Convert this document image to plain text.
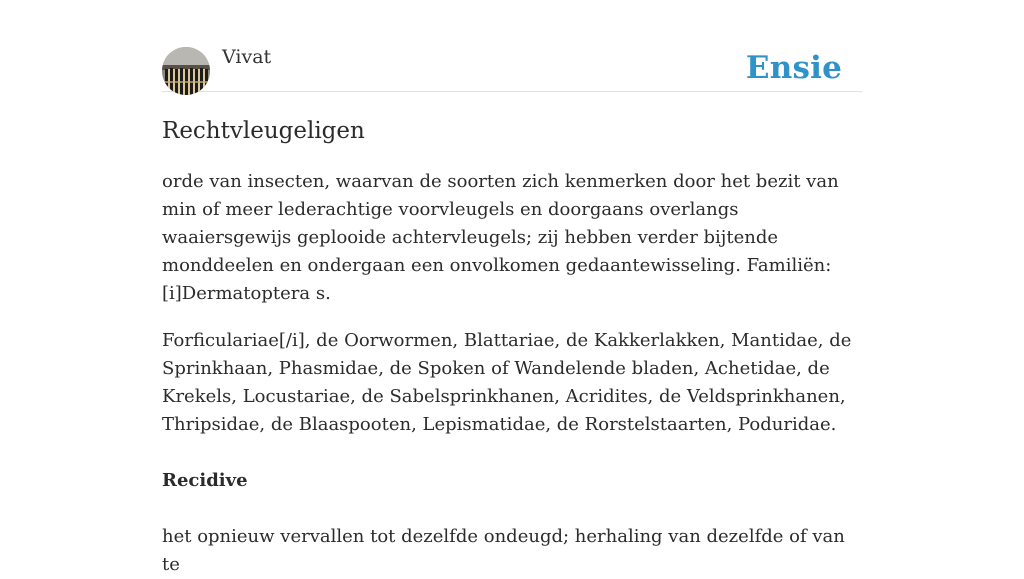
Vivat	Ensie
Rechtvleugeligen

orde van insecten, waarvan de soorten zich kenmerken door het bezit van min of meer lederachtige voorvleugels en doorgaans overlangs waaiersgewijs geplooide achtervleugels; zij hebben verder bijtende monddeelen en ondergaan een onvolkomen gedaantewisseling. Familiën: [i]Dermatoptera s.

Forficulariae[/i], de Oorwormen, Blattariae, de Kakkerlakken, Mantidae, de Sprinkhaan, Phasmidae, de Spoken of Wandelende bladen, Achetidae, de Krekels, Locustariae, de Sabelsprinkhanen, Acridites, de Veldsprinkhanen, Thripsidae, de Blaaspooten, Lepismatidae, de Rorstelstaarten, Poduridae.

Recidive

het opnieuw vervallen tot dezelfde ondeugd; herhaling van dezelfde of van te
